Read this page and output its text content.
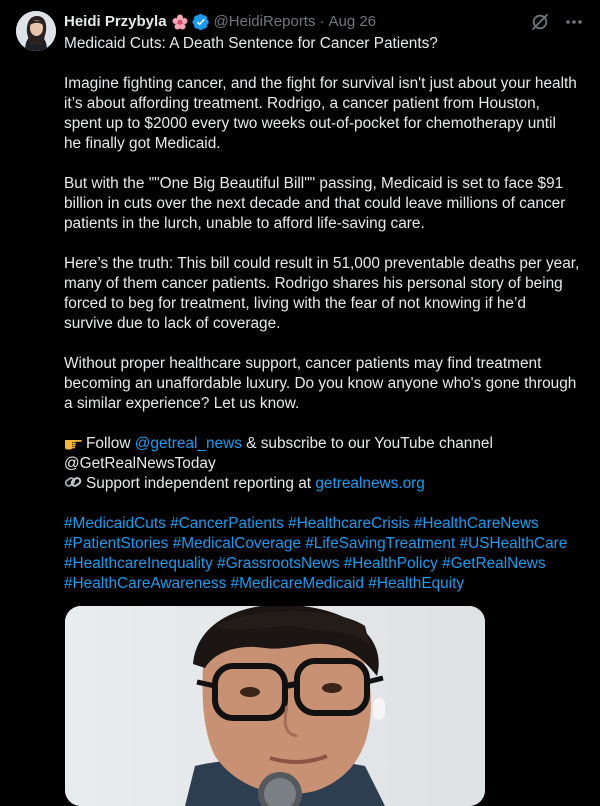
Heidi Przybyla	@HeidiReports · Aug 26
Medicaid Cuts: A Death Sentence for Cancer Patients?
Imagine fighting cancer, and the fight for survival isn't just about your health
it’s about affording treatment. Rodrigo, a cancer patient from Houston,
spent up to $2000 every two weeks out-of-pocket for chemotherapy until
he finally got Medicaid.
But with the ""One Big Beautiful Bill"" passing, Medicaid is set to face $91
billion in cuts over the next decade and that could leave millions of cancer
patients in the lurch, unable to afford life-saving care.
Here’s the truth: This bill could result in 51,000 preventable deaths per year,
many of them cancer patients. Rodrigo shares his personal story of being
forced to beg for treatment, living with the fear of not knowing if he’d
survive due to lack of coverage.
Without proper healthcare support, cancer patients may find treatment
becoming an unaffordable luxury. Do you know anyone who's gone through
a similar experience? Let us know.
Follow @getreal_news & subscribe to our YouTube channel
@GetRealNewsToday
Support independent reporting at getrealnews.org
#MedicaidCuts #CancerPatients #HealthcareCrisis #HealthCareNews
#PatientStories #MedicalCoverage #LifeSavingTreatment #USHealthCare
#HealthcareInequality #GrassrootsNews #HealthPolicy #GetRealNews
#HealthCareAwareness #MedicareMedicaid #HealthEquity
